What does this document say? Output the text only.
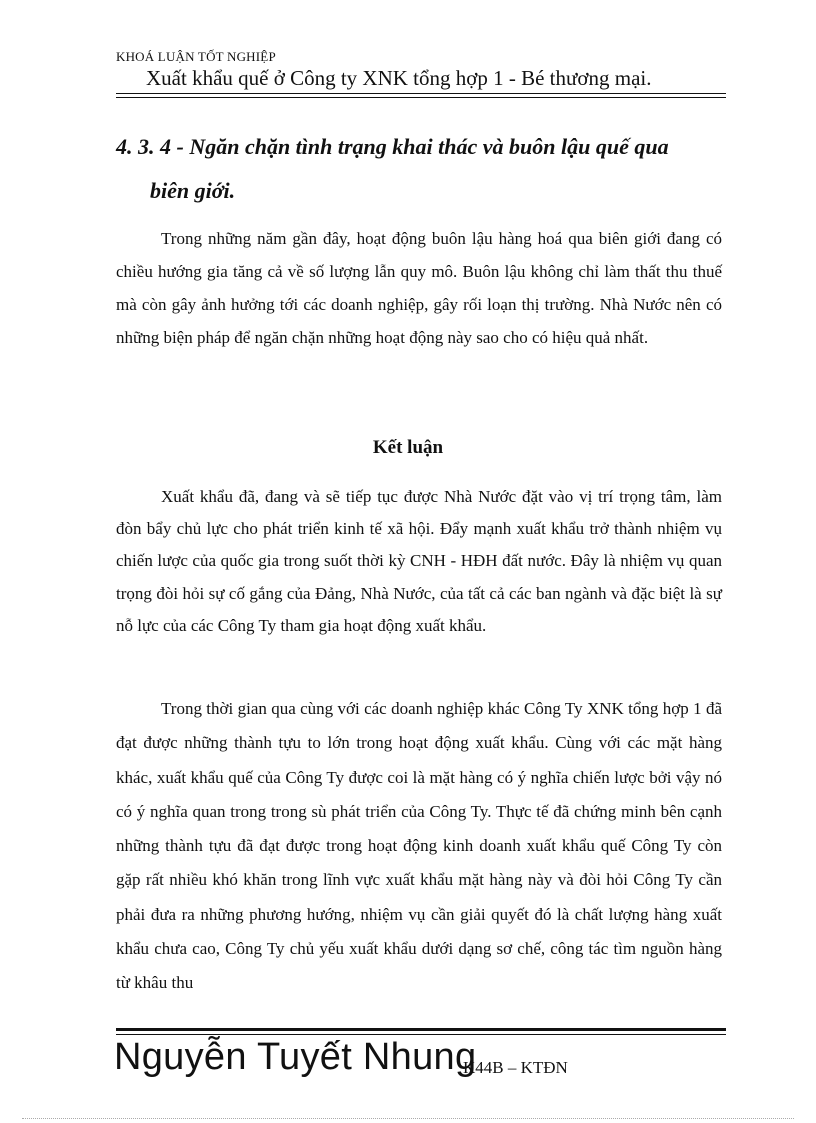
KHOÁ LUẬN TỐT NGHIỆP
Xuất khẩu quế ở Công ty XNK tổng hợp 1 - Bé thương mại.
4. 3. 4 - Ngăn chặn tình trạng khai thác và buôn lậu quế qua
biên giới.

Trong những năm gần đây, hoạt động buôn lậu hàng hoá qua biên giới đang có chiều hướng gia tăng cả về số lượng lẫn quy mô. Buôn lậu không chỉ làm thất thu thuế mà còn gây ảnh hưởng tới các doanh nghiệp, gây rối loạn thị trường. Nhà Nước nên có những biện pháp để ngăn chặn những hoạt động này sao cho có hiệu quả nhất.

Kết luận

Xuất khẩu đã, đang và sẽ tiếp tục được Nhà Nước đặt vào vị trí trọng tâm, làm đòn bẩy chủ lực cho phát triển kinh tế xã hội. Đẩy mạnh xuất khẩu trở thành nhiệm vụ chiến lược của quốc gia trong suốt thời kỳ CNH - HĐH đất nước. Đây là nhiệm vụ quan trọng đòi hỏi sự cố gắng của Đảng, Nhà Nước, của tất cả các ban ngành và đặc biệt là sự nỗ lực của các Công Ty tham gia hoạt động xuất khẩu.

Trong thời gian qua cùng với các doanh nghiệp khác Công Ty XNK tổng hợp 1 đã đạt được những thành tựu to lớn trong hoạt động xuất khẩu. Cùng với các mặt hàng khác, xuất khẩu quế của Công Ty được coi là mặt hàng có ý nghĩa chiến lược bởi vậy nó có ý nghĩa quan trong trong sù phát triển của Công Ty. Thực tế đã chứng minh bên cạnh những thành tựu đã đạt được trong hoạt động kinh doanh xuất khẩu quế Công Ty còn gặp rất nhiều khó khăn trong lĩnh vực xuất khẩu mặt hàng này và đòi hỏi Công Ty cần phải đưa ra những phương hướng, nhiệm vụ cần giải quyết đó là chất lượng hàng xuất khẩu chưa cao, Công Ty chủ yếu xuất khẩu dưới dạng sơ chế, công tác tìm nguồn hàng từ khâu thu

Nguyễn Tuyết Nhung
K44B – KTĐN
